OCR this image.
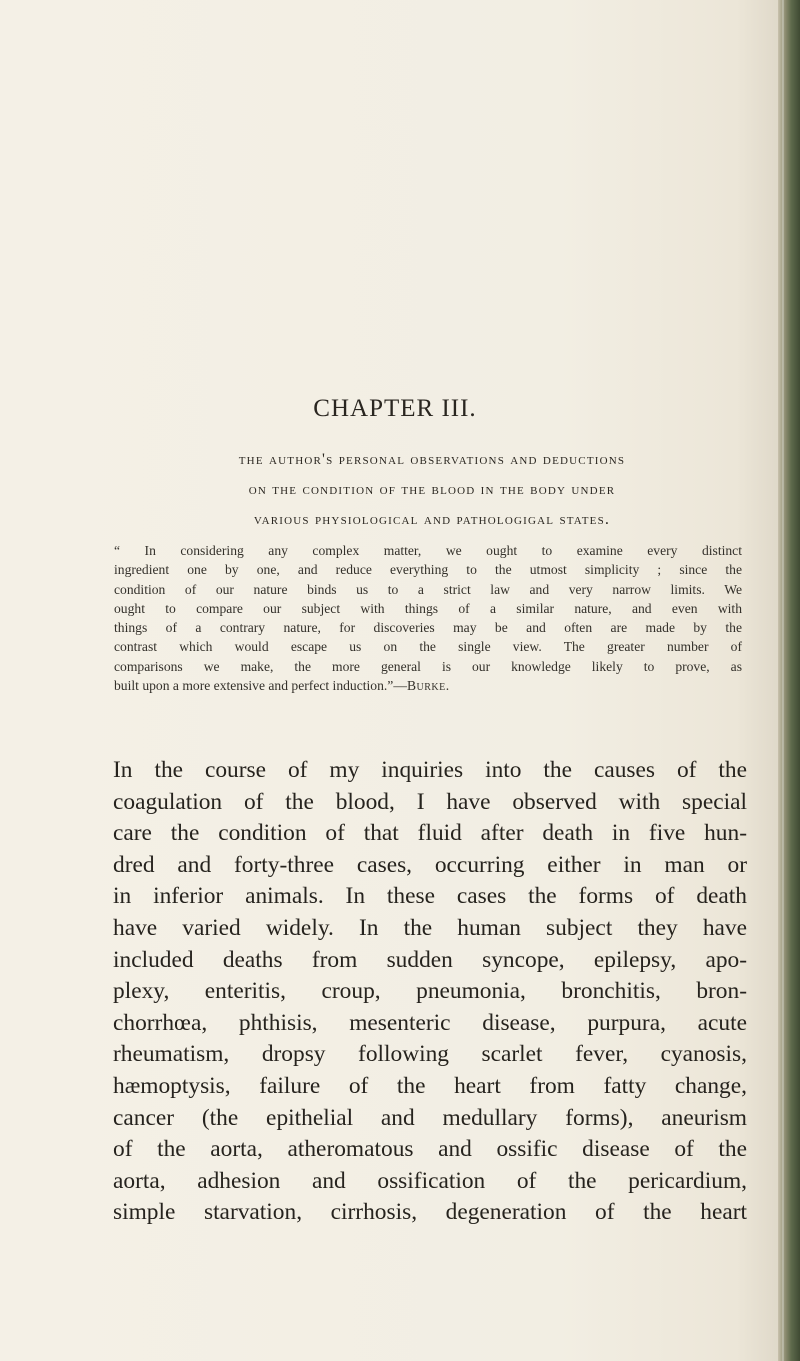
CHAPTER III.
the author's personal observations and deductions
on the condition of the blood in the body under
various physiological and pathologigal states.
“ In considering any complex matter, we ought to examine every distinct
ingredient one by one, and reduce everything to the utmost simplicity ; since the
condition of our nature binds us to a strict law and very narrow limits. We
ought to compare our subject with things of a similar nature, and even with
things of a contrary nature, for discoveries may be and often are made by the
contrast which would escape us on the single view. The greater number of
comparisons we make, the more general is our knowledge likely to prove, as
built upon a more extensive and perfect induction.”—Burke.
In the course of my inquiries into the causes of the
coagulation of the blood, I have observed with special
care the condition of that fluid after death in five hun-
dred and forty-three cases, occurring either in man or
in inferior animals. In these cases the forms of death
have varied widely. In the human subject they have
included deaths from sudden syncope, epilepsy, apo-
plexy, enteritis, croup, pneumonia, bronchitis, bron-
chorrhœa, phthisis, mesenteric disease, purpura, acute
rheumatism, dropsy following scarlet fever, cyanosis,
hæmoptysis, failure of the heart from fatty change,
cancer (the epithelial and medullary forms), aneurism
of the aorta, atheromatous and ossific disease of the
aorta, adhesion and ossification of the pericardium,
simple starvation, cirrhosis, degeneration of the heart
